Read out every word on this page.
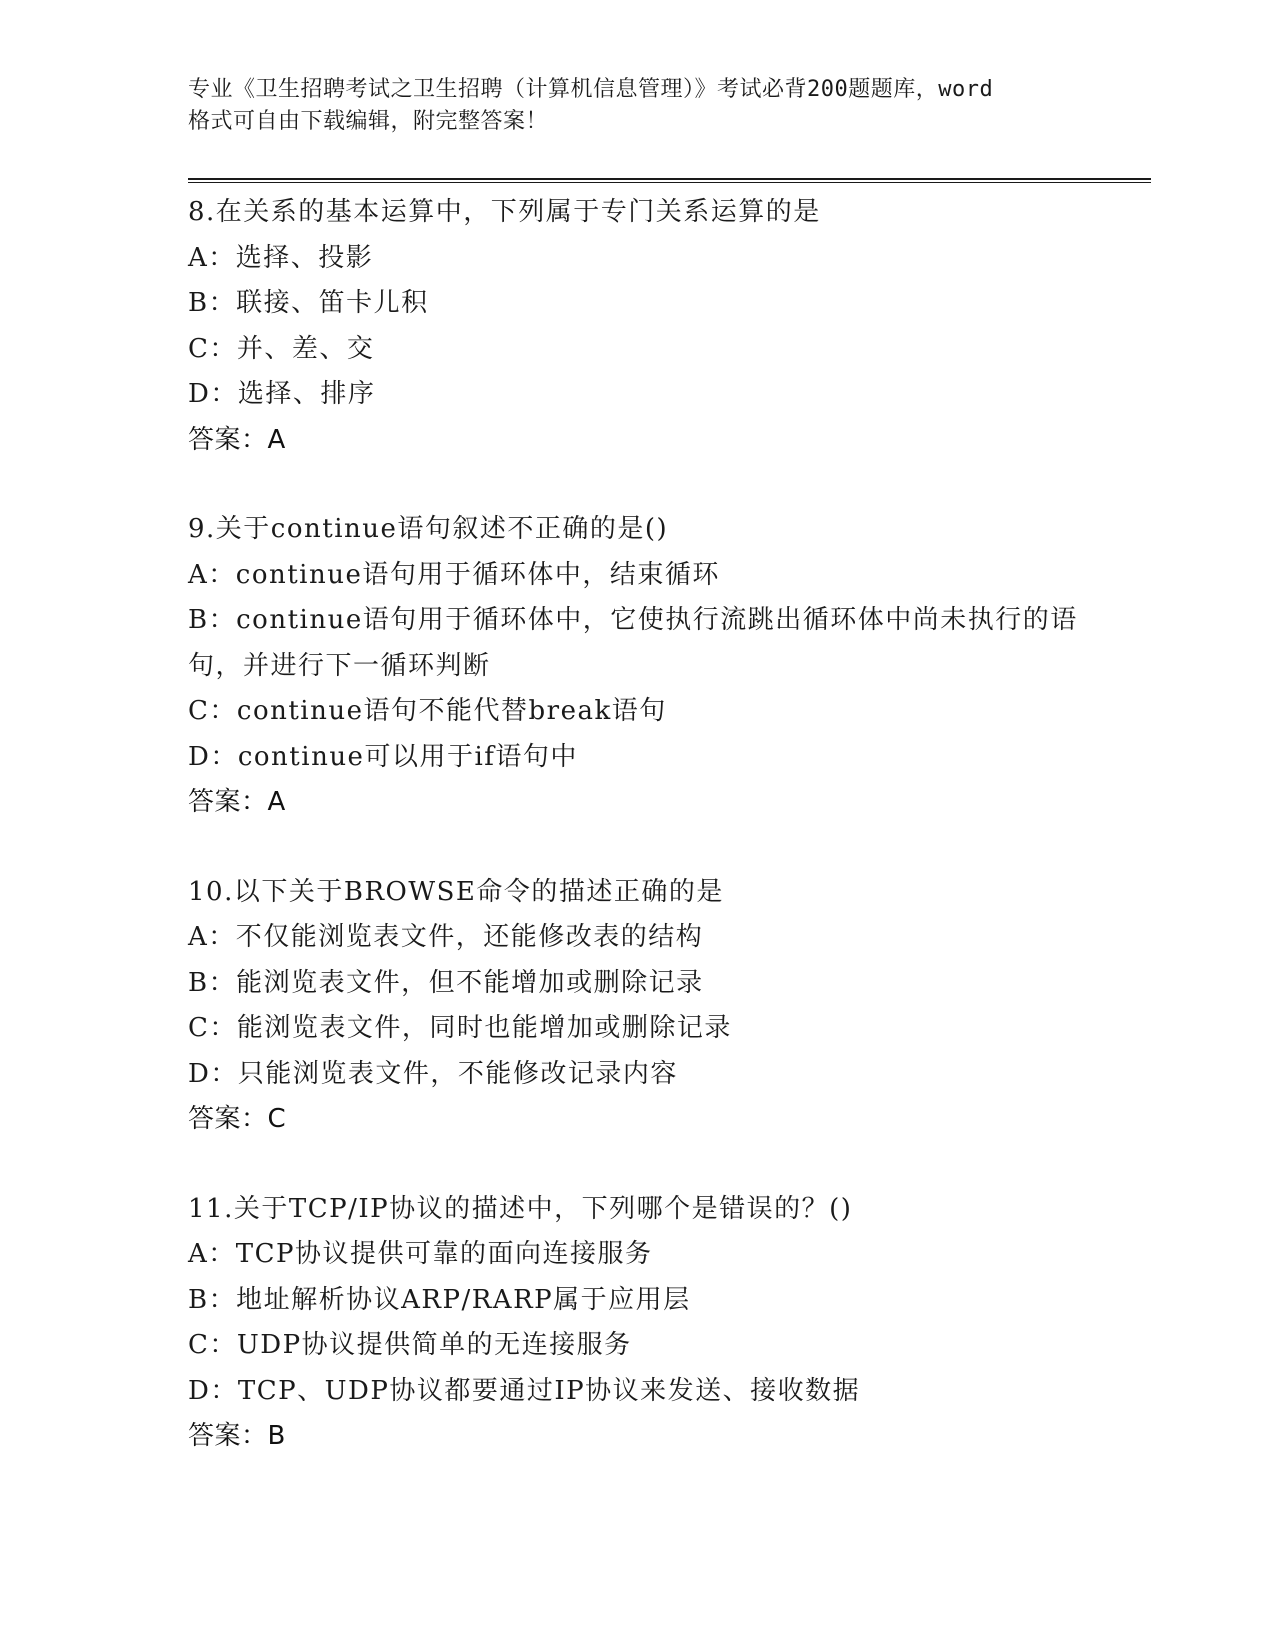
专业《卫生招聘考试之卫生招聘（计算机信息管理）》考试必背200题题库，word
格式可自由下载编辑，附完整答案！
8.在关系的基本运算中，下列属于专门关系运算的是
A：选择、投影
B：联接、笛卡儿积
C：并、差、交
D：选择、排序
答案：A
9.关于continue语句叙述不正确的是()
A：continue语句用于循环体中，结束循环
B：continue语句用于循环体中，它使执行流跳出循环体中尚未执行的语句，并进行下一循环判断
C：continue语句不能代替break语句
D：continue可以用于if语句中
答案：A
10.以下关于BROWSE命令的描述正确的是
A：不仅能浏览表文件，还能修改表的结构
B：能浏览表文件，但不能增加或删除记录
C：能浏览表文件，同时也能增加或删除记录
D：只能浏览表文件，不能修改记录内容
答案：C
11.关于TCP/IP协议的描述中，下列哪个是错误的？()
A：TCP协议提供可靠的面向连接服务
B：地址解析协议ARP/RARP属于应用层
C：UDP协议提供简单的无连接服务
D：TCP、UDP协议都要通过IP协议来发送、接收数据
答案：B
